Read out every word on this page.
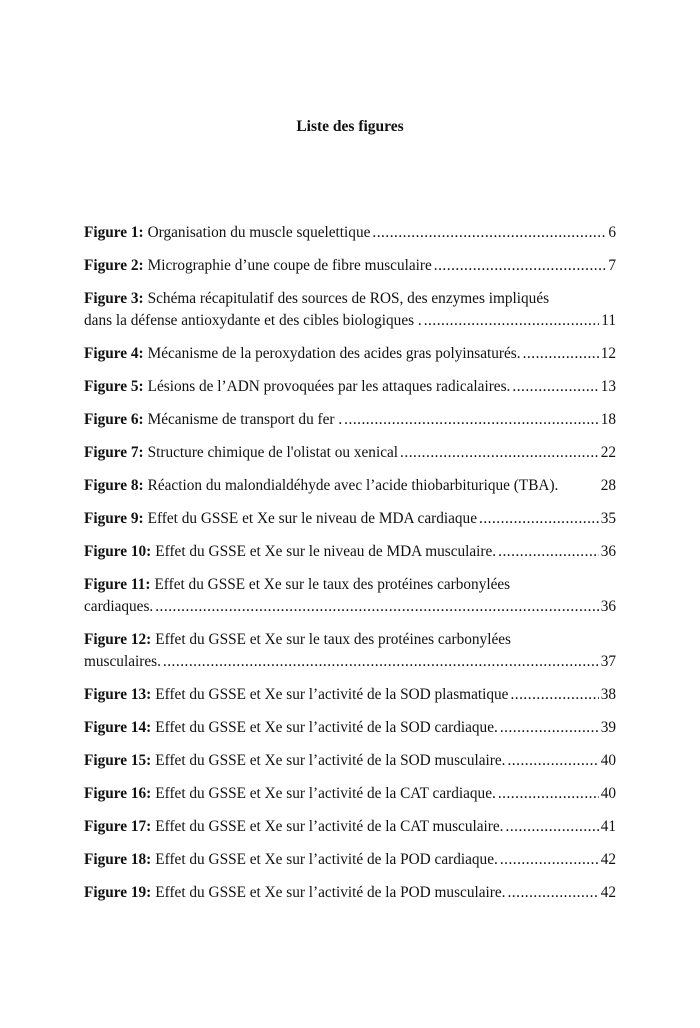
Liste des figures
Figure 1: Organisation du muscle squelettique .....	6
Figure 2: Micrographie d’une coupe de fibre musculaire .....	7
Figure 3: Schéma récapitulatif des sources de ROS, des enzymes impliqués
dans la défense antioxydante et des cibles biologiques . .....	11
Figure 4: Mécanisme de la peroxydation des acides gras polyinsaturés. .....	12
Figure 5: Lésions de l’ADN provoquées par les attaques radicalaires. .....	13
Figure 6: Mécanisme de transport du fer . .....	18
Figure 7: Structure chimique de l'olistat ou xenical .....	22
Figure 8: Réaction du malondialdéhyde avec l’acide thiobarbiturique (TBA).	28
Figure 9: Effet du GSSE et Xe sur le niveau de MDA cardiaque .....	35
Figure 10: Effet du GSSE et Xe sur le niveau de MDA musculaire. .....	36
Figure 11: Effet du GSSE et Xe sur le taux des protéines carbonylées
cardiaques. .....	36
Figure 12: Effet du GSSE et Xe sur le taux des protéines carbonylées
musculaires. .....	37
Figure 13: Effet du GSSE et Xe sur l’activité de la SOD plasmatique .....	38
Figure 14: Effet du GSSE et Xe sur l’activité de la SOD cardiaque. .....	39
Figure 15: Effet du GSSE et Xe sur l’activité de la SOD musculaire. .....	40
Figure 16: Effet du GSSE et Xe sur l’activité de la CAT cardiaque. .....	40
Figure 17: Effet du GSSE et Xe sur l’activité de la CAT musculaire. .....	41
Figure 18: Effet du GSSE et Xe sur l’activité de la POD cardiaque. .....	42
Figure 19: Effet du GSSE et Xe sur l’activité de la POD musculaire. .....	42
